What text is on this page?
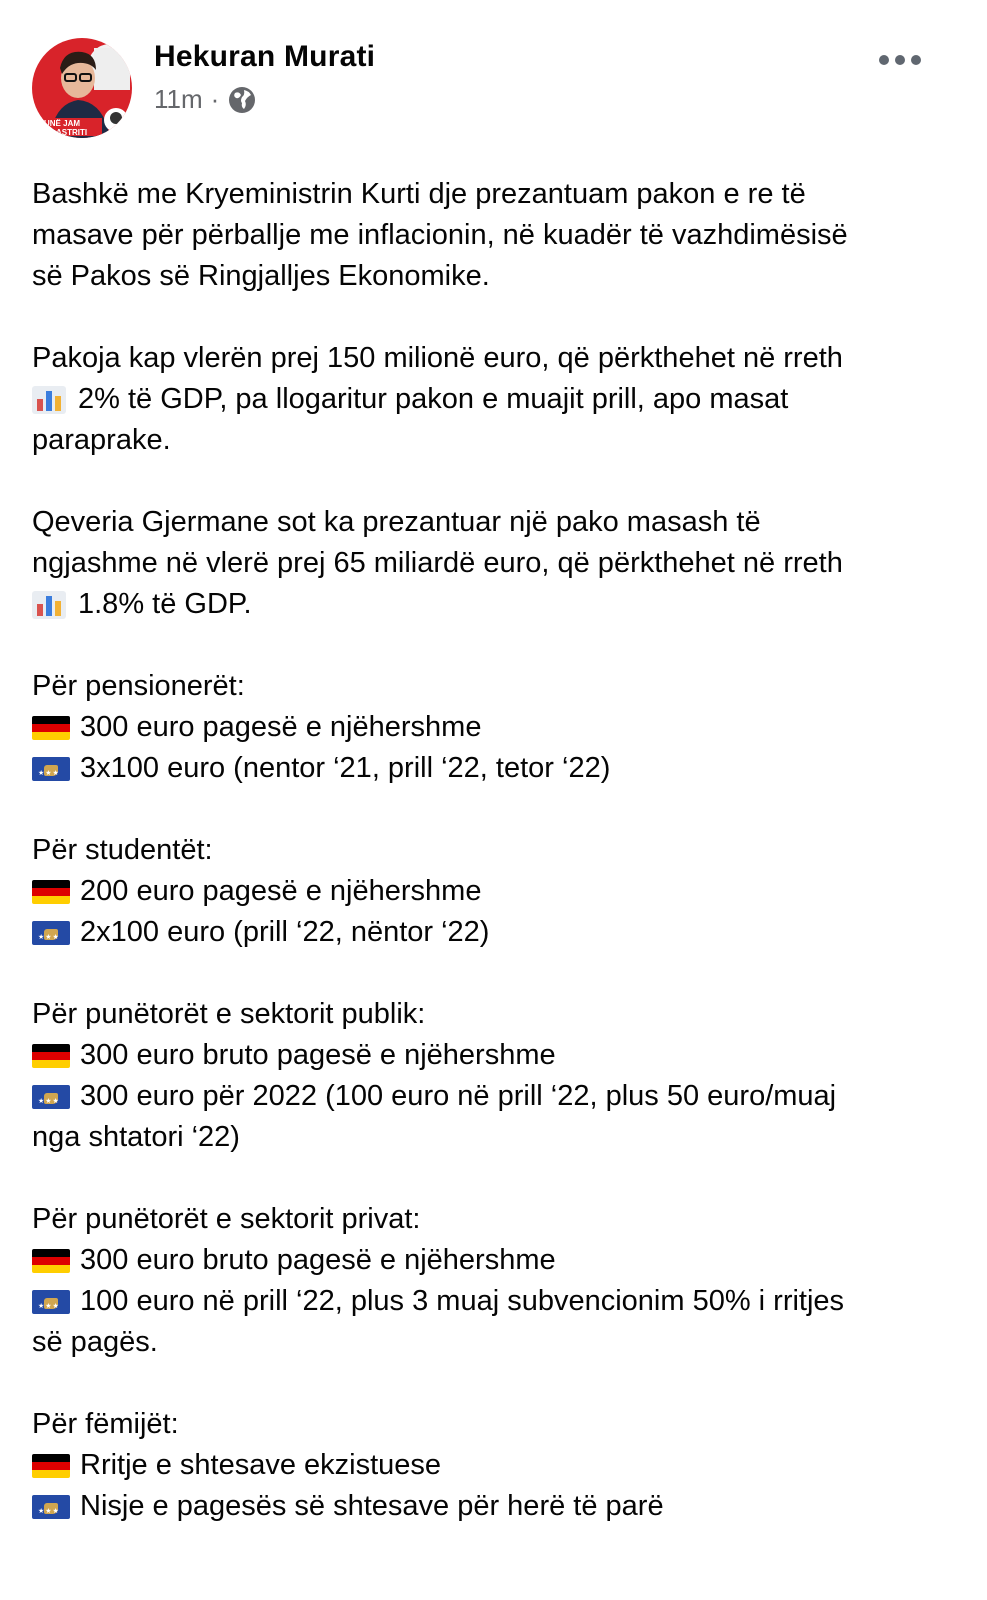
UNË JAM
ASTRITI
Hekuran Murati
11m ·

Bashkë me Kryeministrin Kurti dje prezantuam pakon e re të

masave për përballje me inflacionin, në kuadër të vazhdimësisë

së Pakos së Ringjalljes Ekonomike.

Pakoja kap vlerën prej 150 milionë euro, që përkthehet në rreth

2% të GDP, pa llogaritur pakon e muajit prill, apo masat

paraprake.

Qeveria Gjermane sot ka prezantuar një pako masash të

ngjashme në vlerë prej 65 miliardë euro, që përkthehet në rreth

1.8% të GDP.

Për pensionerët:

300 euro pagesë e njëhershme
★★★
3x100 euro (nentor ‘21, prill ‘22, tetor ‘22)

Për studentët:

200 euro pagesë e njëhershme
★★★
2x100 euro (prill ‘22, nëntor ‘22)

Për punëtorët e sektorit publik:

300 euro bruto pagesë e njëhershme
★★★
300 euro për 2022 (100 euro në prill ‘22, plus 50 euro/muaj

nga shtatori ‘22)

Për punëtorët e sektorit privat:

300 euro bruto pagesë e njëhershme
★★★
100 euro në prill ‘22, plus 3 muaj subvencionim 50% i rritjes

së pagës.

Për fëmijët:

Rritje e shtesave ekzistuese
★★★
Nisje e pagesës së shtesave për herë të parë
